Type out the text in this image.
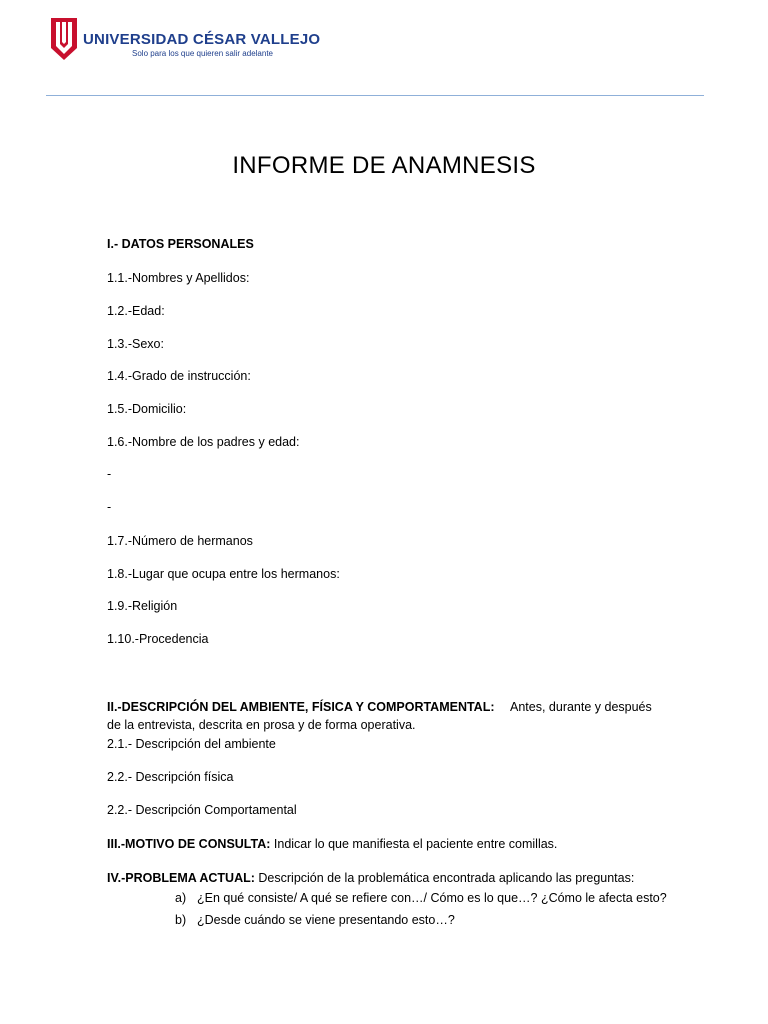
UNIVERSIDAD CÉSAR VALLEJO
Solo para los que quieren salir adelante
INFORME DE ANAMNESIS
I.- DATOS PERSONALES
1.1.-Nombres y Apellidos:
1.2.-Edad:
1.3.-Sexo:
1.4.-Grado de instrucción:
1.5.-Domicilio:
1.6.-Nombre de los padres y edad:
-
-
1.7.-Número de hermanos
1.8.-Lugar que ocupa entre los hermanos:
1.9.-Religión
1.10.-Procedencia
II.-DESCRIPCIÓN DEL AMBIENTE, FÍSICA Y COMPORTAMENTAL: Antes, durante y después
de la entrevista, descrita en prosa y de forma operativa.
2.1.- Descripción del ambiente
2.2.- Descripción física
2.2.- Descripción Comportamental
III.-MOTIVO DE CONSULTA: Indicar lo que manifiesta el paciente entre comillas.
IV.-PROBLEMA ACTUAL: Descripción de la problemática encontrada aplicando las preguntas:
a) ¿En qué consiste/ A qué se refiere con…/ Cómo es lo que…? ¿Cómo le afecta esto?
b) ¿Desde cuándo se viene presentando esto…?
